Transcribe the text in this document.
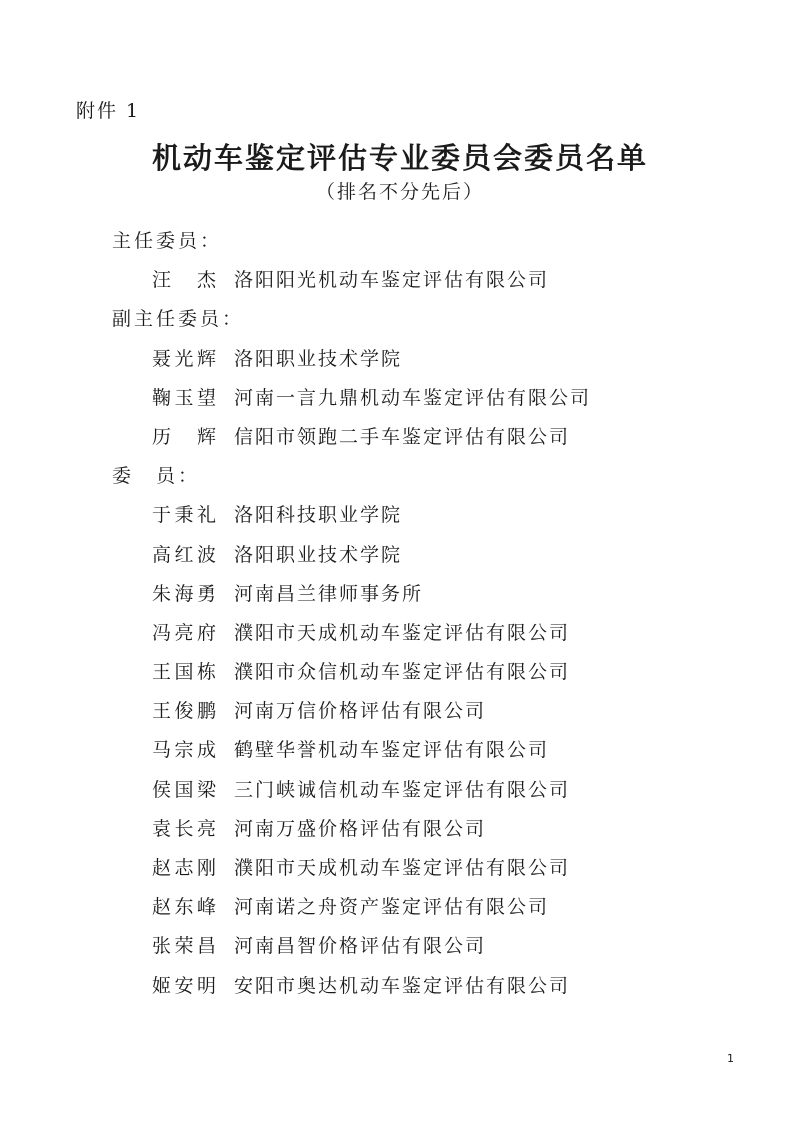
附件 1
机动车鉴定评估专业委员会委员名单
（排名不分先后）
主任委员：
汪　杰 洛阳阳光机动车鉴定评估有限公司
副主任委员：
聂光辉 洛阳职业技术学院
鞠玉望 河南一言九鼎机动车鉴定评估有限公司
历　辉 信阳市领跑二手车鉴定评估有限公司
委　员：
于秉礼 洛阳科技职业学院
高红波 洛阳职业技术学院
朱海勇 河南昌兰律师事务所
冯亮府 濮阳市天成机动车鉴定评估有限公司
王国栋 濮阳市众信机动车鉴定评估有限公司
王俊鹏 河南万信价格评估有限公司
马宗成 鹤壁华誉机动车鉴定评估有限公司
侯国梁 三门峡诚信机动车鉴定评估有限公司
袁长亮 河南万盛价格评估有限公司
赵志刚 濮阳市天成机动车鉴定评估有限公司
赵东峰 河南诺之舟资产鉴定评估有限公司
张荣昌 河南昌智价格评估有限公司
姬安明 安阳市奥达机动车鉴定评估有限公司
1
